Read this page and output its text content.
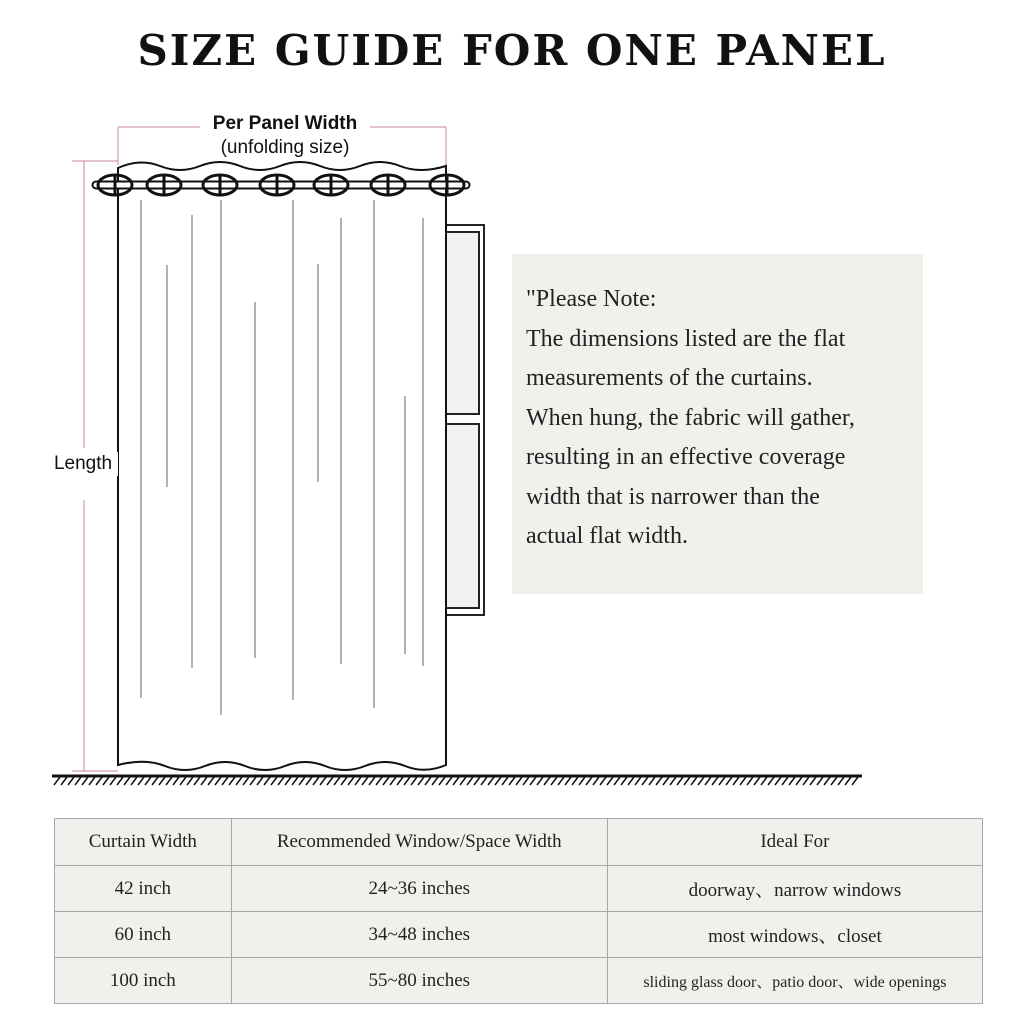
SIZE GUIDE FOR ONE PANEL
Per Panel Width
(unfolding size)
Length
"Please Note:
The dimensions listed are the flat
measurements of the curtains.
When hung, the fabric will gather,
resulting in an effective coverage
width that is narrower than the
actual flat width.
Curtain Width	Recommended Window/Space Width	Ideal For
42 inch	24~36 inches	doorway、narrow windows
60 inch	34~48 inches	most windows、closet
100 inch	55~80 inches	sliding glass door、patio door、wide openings
